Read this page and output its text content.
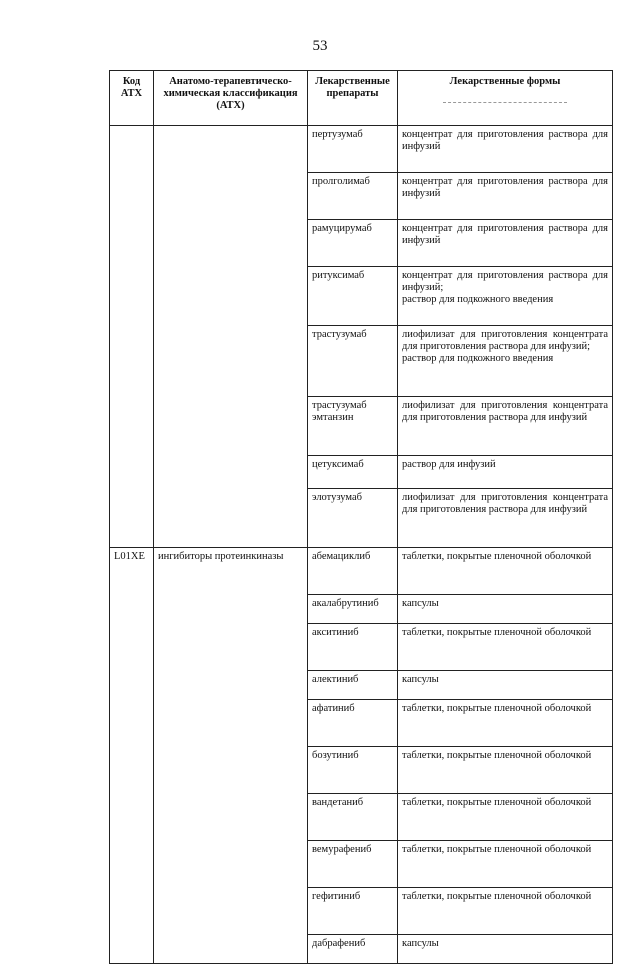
53
Код АТХ	Анатомо-терапевтическо-химическая классификация (АТХ)	Лекарственные препараты	Лекарственные формы

		пертузумаб	концентрат для приготовления раствора для инфузий
		пролголимаб	концентрат для приготовления раствора для инфузий
		рамуцирумаб	концентрат для приготовления раствора для инфузий
		ритуксимаб	концентрат для приготовления раствора для инфузий;
раствор для подкожного введения
		трастузумаб	лиофилизат для приготовления концентрата для приготовления раствора для инфузий;
раствор для подкожного введения
		трастузумаб эмтанзин	лиофилизат для приготовления концентрата для приготовления раствора для инфузий
		цетуксимаб	раствор для инфузий
		элотузумаб	лиофилизат для приготовления концентрата для приготовления раствора для инфузий
L01XE	ингибиторы протеинкиназы	абемациклиб	таблетки, покрытые пленочной оболочкой
		акалабрутиниб	капсулы
		акситиниб	таблетки, покрытые пленочной оболочкой
		алектиниб	капсулы
		афатиниб	таблетки, покрытые пленочной оболочкой
		бозутиниб	таблетки, покрытые пленочной оболочкой
		вандетаниб	таблетки, покрытые пленочной оболочкой
		вемурафениб	таблетки, покрытые пленочной оболочкой
		гефитиниб	таблетки, покрытые пленочной оболочкой
		дабрафениб	капсулы
